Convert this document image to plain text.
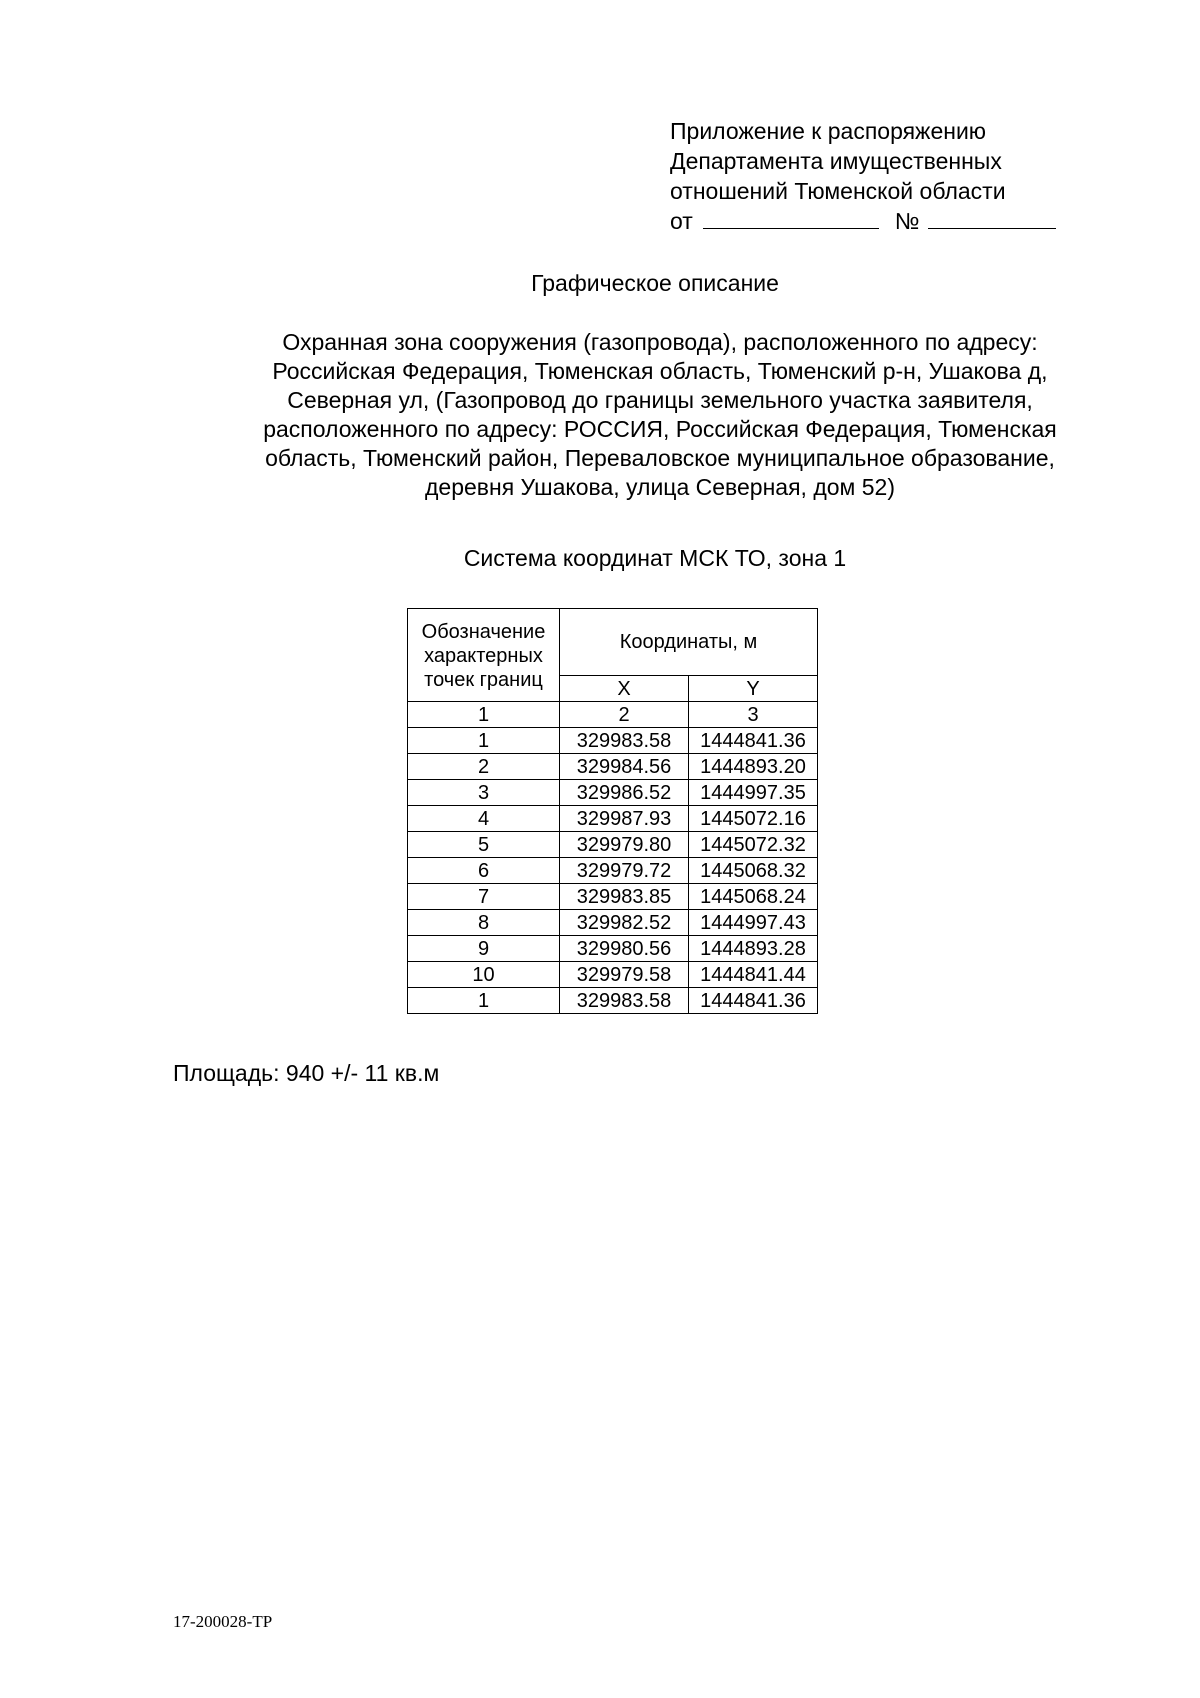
Приложение к распоряжению
Департамента имущественных
отношений Тюменской области
от	№
Графическое описание
Охранная зона сооружения (газопровода), расположенного по адресу:
Российская Федерация, Тюменская область, Тюменский р-н, Ушакова д,
Северная ул, (Газопровод до границы земельного участка заявителя,
расположенного по адресу: РОССИЯ, Российская Федерация, Тюменская
область, Тюменский район, Переваловское муниципальное образование,
деревня Ушакова, улица Северная, дом 52)
Система координат МСК ТО, зона 1
Обозначение
характерных
точек границ	Координаты, м	
	X	Y
1	2	3
1	329983.58	1444841.36
2	329984.56	1444893.20
3	329986.52	1444997.35
4	329987.93	1445072.16
5	329979.80	1445072.32
6	329979.72	1445068.32
7	329983.85	1445068.24
8	329982.52	1444997.43
9	329980.56	1444893.28
10	329979.58	1444841.44
1	329983.58	1444841.36
Площадь: 940 +/- 11 кв.м
17-200028-TP
